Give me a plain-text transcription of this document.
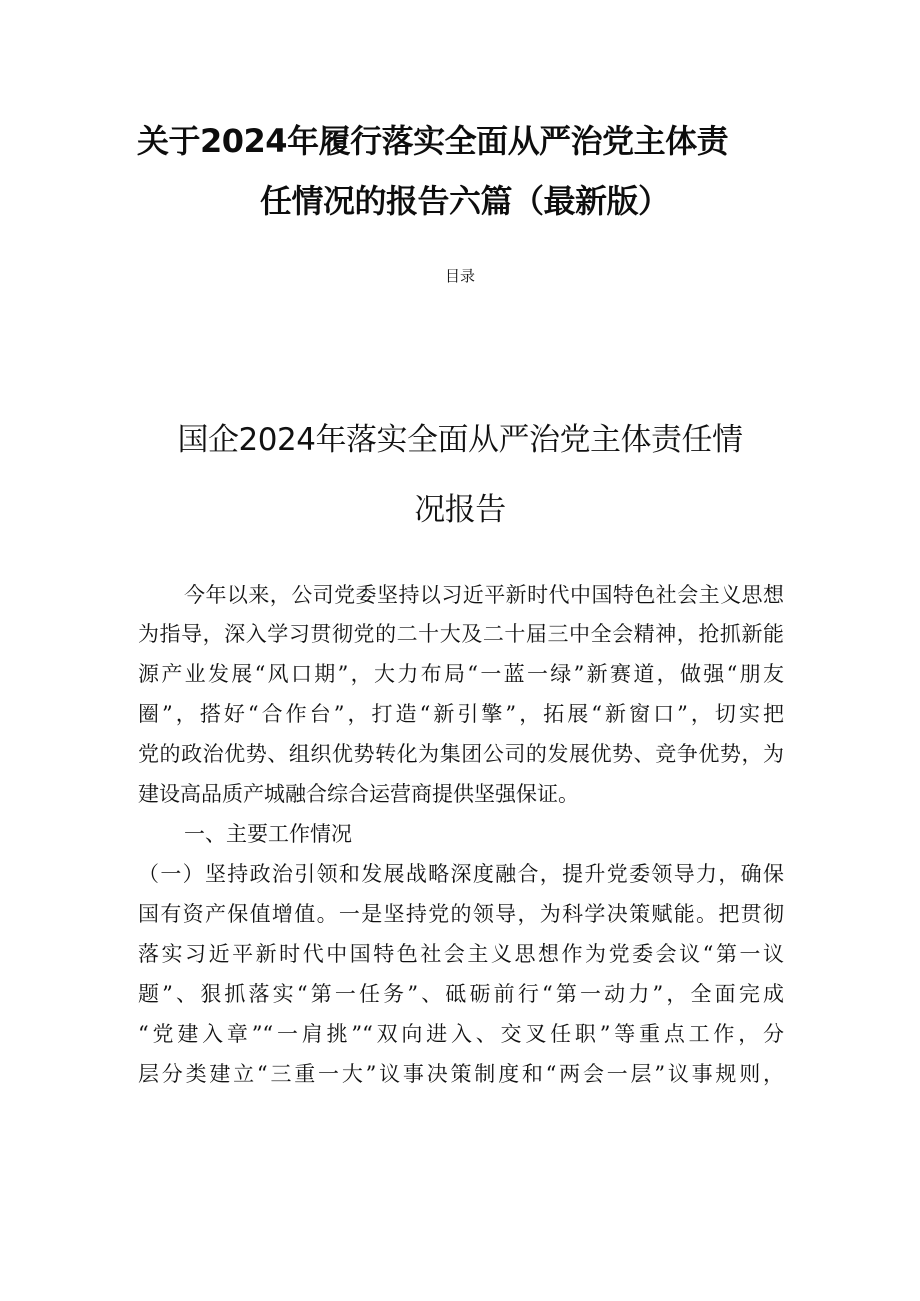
关于2024年履行落实全面从严治党主体责
任情况的报告六篇（最新版）
目录
国企2024年落实全面从严治党主体责任情
况报告
今年以来，公司党委坚持以习近平新时代中国特色社会主义思想
为指导，深入学习贯彻党的二十大及二十届三中全会精神，抢抓新能
源产业发展“风口期”，大力布局“一蓝一绿”新赛道，做强“朋友
圈”，搭好“合作台”，打造“新引擎”，拓展“新窗口”，切实把
党的政治优势、组织优势转化为集团公司的发展优势、竞争优势，为
建设高品质产城融合综合运营商提供坚强保证。
一、主要工作情况
（一）坚持政治引领和发展战略深度融合，提升党委领导力，确保
国有资产保值增值。一是坚持党的领导，为科学决策赋能。把贯彻
落实习近平新时代中国特色社会主义思想作为党委会议“第一议
题”、狠抓落实“第一任务”、砥砺前行“第一动力”，全面完成
“党建入章”“一肩挑”“双向进入、交叉任职”等重点工作，分
层分类建立“三重一大”议事决策制度和“两会一层”议事规则，
